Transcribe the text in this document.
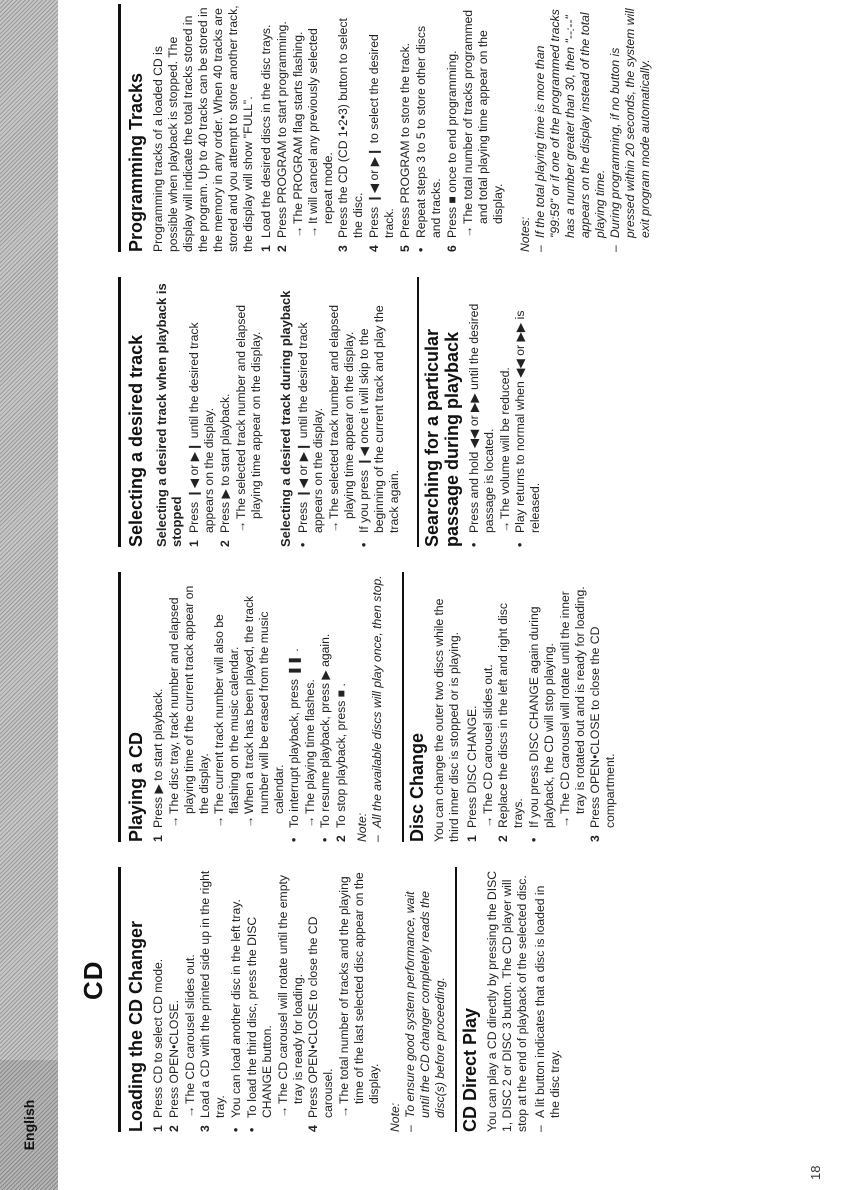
English
CD
18
Loading the CD Changer 1
Press CD to select CD mode.
2
Press OPEN•CLOSE. →
The CD carousel slides out.
3
Load a CD with the printed side up in the right tray.
•
You can load another disc in the left tray.
•
To load the third disc, press the DISC CHANGE button. →
The CD carousel will rotate until the empty tray is ready for loading.
4
Press OPEN•CLOSE to close the CD carousel. →
The total number of tracks and the playing time of the last selected disc appear on the display.
Note: –
To ensure good system performance, wait until the CD changer completely reads the disc(s) before proceeding. CD Direct Play You can play a CD directly by pressing the DISC 1, DISC 2 or DISC 3 button. The CD player will stop at the end of playback of the selected disc. –
A lit button indicates that a disc is loaded in the disc tray.
Playing a CD 1
Press ▶ to start playback. →
The disc tray, track number and elapsed playing time of the current track appear on the display.
→
The current track number will also be flashing on the music calendar.
→
When a track has been played, the track number will be erased from the music calendar.
•
To interrupt playback, press ❚❚ . →
The playing time flashes.
•
To resume playback, press ▶ again.
2
To stop playback, press ■ . Note: –
All the available discs will play once, then stop. Disc Change You can change the outer two discs while the third inner disc is stopped or is playing. 1
Press DISC CHANGE. →
The CD carousel slides out.
2
Replace the discs in the left and right disc trays.
•
If you press DISC CHANGE again during playback, the CD will stop playing. →
The CD carousel will rotate until the inner tray is rotated out and is ready for loading.
3
Press OPEN•CLOSE to close the CD compartment.
Selecting a desired track Selecting a desired track when playback is stopped 1
Press ❙◀ or ▶❙ until the desired track appears on the display.
2
Press ▶ to start playback. →
The selected track number and elapsed playing time appear on the display. Selecting a desired track during playback •
Press ❙◀ or ▶❙ until the desired track appears on the display. →
The selected track number and elapsed playing time appear on the display.
•
If you press ❙◀ once it will skip to the beginning of the current track and play the track again. Searching for a particular passage during playback •
Press and hold ◀◀ or ▶▶ until the desired passage is located. →
The volume will be reduced.
•
Play returns to normal when ◀◀ or ▶▶ is released.
Programming Tracks Programming tracks of a loaded CD is possible when playback is stopped. The display will indicate the total tracks stored in the program. Up to 40 tracks can be stored in the memory in any order. When 40 tracks are stored and you attempt to store another track, the display will show "FULL". 1
Load the desired discs in the disc trays.
2
Press PROGRAM to start programming. →
The PROGRAM flag starts flashing.
→
It will cancel any previously selected repeat mode.
3
Press the CD (CD 1•2•3) button to select the disc.
4
Press ❙◀ or ▶❙ to select the desired track.
5
Press PROGRAM to store the track.
•
Repeat steps 3 to 5 to store other discs and tracks.
6
Press ■ once to end programming. →
The total number of tracks programmed and total playing time appear on the display.
Notes: –
If the total playing time is more than "99:59" or if one of the programmed tracks has a number greater than 30, then "--:--" appears on the display instead of the total playing time.
–
During programming, if no button is pressed within 20 seconds, the system will exit program mode automatically.
